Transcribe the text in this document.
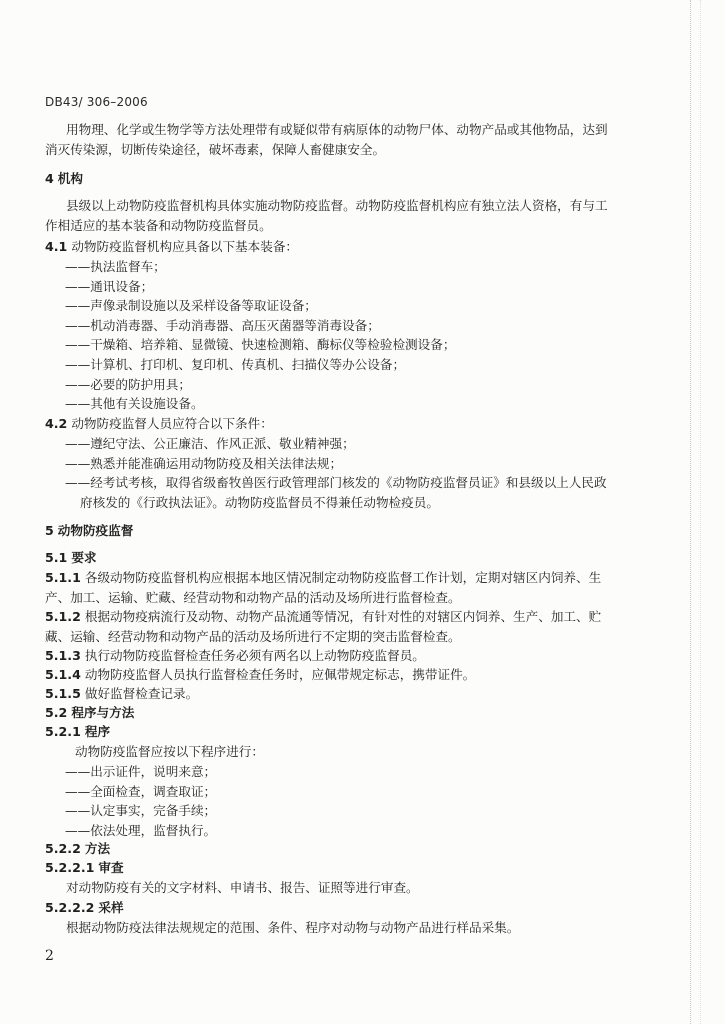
DB43/ 306–2006

用物理、化学或生物学等方法处理带有或疑似带有病原体的动物尸体、动物产品或其他物品，达到消灭传染源，切断传染途径，破坏毒素，保障人畜健康安全。

4 机构

县级以上动物防疫监督机构具体实施动物防疫监督。动物防疫监督机构应有独立法人资格，有与工作相适应的基本装备和动物防疫监督员。

4.1 动物防疫监督机构应具备以下基本装备：
——执法监督车；
——通讯设备；
——声像录制设施以及采样设备等取证设备；
——机动消毒器、手动消毒器、高压灭菌器等消毒设备；
——干燥箱、培养箱、显微镜、快速检测箱、酶标仪等检验检测设备；
——计算机、打印机、复印机、传真机、扫描仪等办公设备；
——必要的防护用具；
——其他有关设施设备。
4.2 动物防疫监督人员应符合以下条件：
——遵纪守法、公正廉洁、作风正派、敬业精神强；
——熟悉并能准确运用动物防疫及相关法律法规；
——经考试考核，取得省级畜牧兽医行政管理部门核发的《动物防疫监督员证》和县级以上人民政府核发的《行政执法证》。动物防疫监督员不得兼任动物检疫员。
5 动物防疫监督
5.1 要求
5.1.1 各级动物防疫监督机构应根据本地区情况制定动物防疫监督工作计划，定期对辖区内饲养、生产、加工、运输、贮藏、经营动物和动物产品的活动及场所进行监督检查。
5.1.2 根据动物疫病流行及动物、动物产品流通等情况，有针对性的对辖区内饲养、生产、加工、贮藏、运输、经营动物和动物产品的活动及场所进行不定期的突击监督检查。
5.1.3 执行动物防疫监督检查任务必须有两名以上动物防疫监督员。
5.1.4 动物防疫监督人员执行监督检查任务时，应佩带规定标志，携带证件。
5.1.5 做好监督检查记录。
5.2 程序与方法
5.2.1 程序
动物防疫监督应按以下程序进行：
——出示证件，说明来意；
——全面检查，调查取证；
——认定事实，完备手续；
——依法处理，监督执行。
5.2.2 方法
5.2.2.1 审查
对动物防疫有关的文字材料、申请书、报告、证照等进行审查。
5.2.2.2 采样
根据动物防疫法律法规规定的范围、条件、程序对动物与动物产品进行样品采集。
2
